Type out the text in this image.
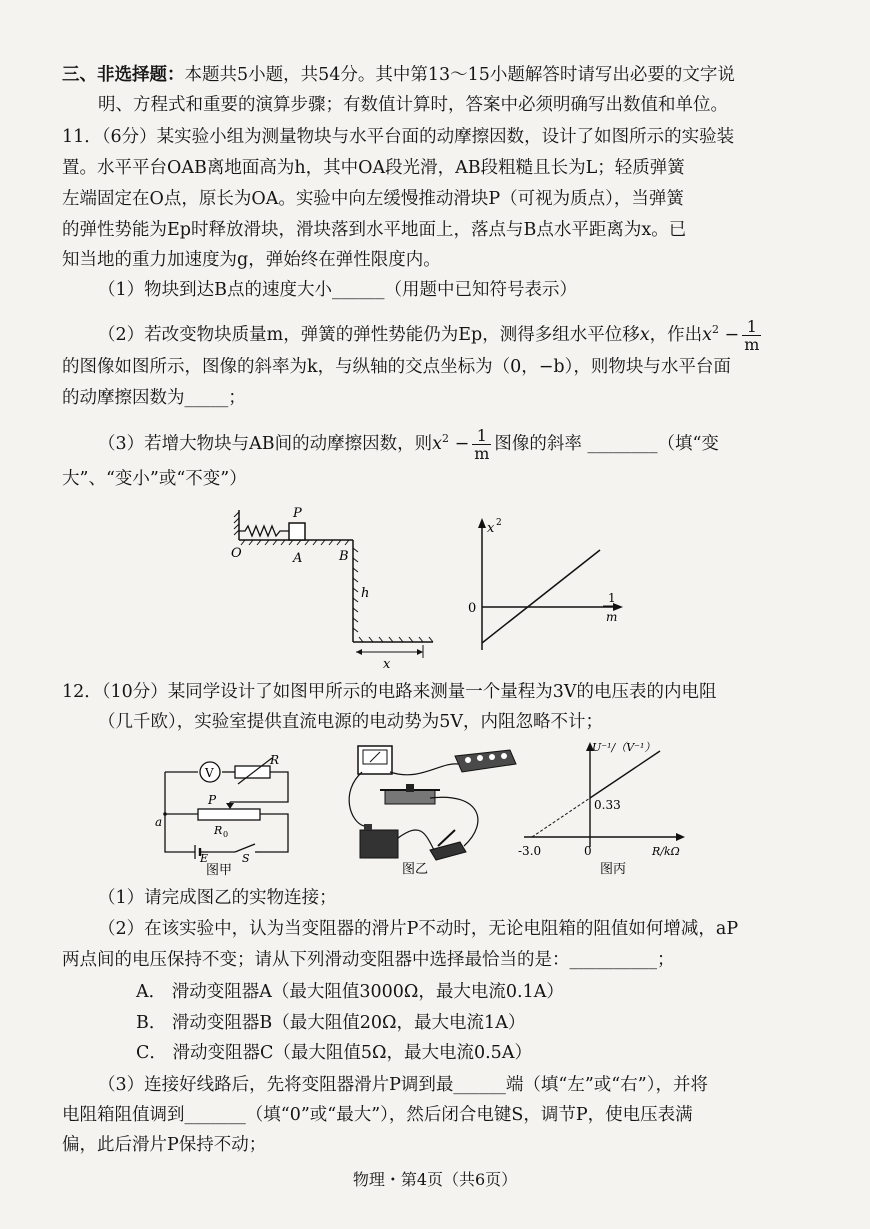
三、非选择题：本题共5小题，共54分。其中第13～15小题解答时请写出必要的文字说
明、方程式和重要的演算步骤；有数值计算时，答案中必须明确写出数值和单位。
11．（6分）某实验小组为测量物块与水平台面的动摩擦因数，设计了如图所示的实验装
置。水平平台OAB离地面高为h，其中OA段光滑，AB段粗糙且长为L；轻质弹簧
左端固定在O点，原长为OA。实验中向左缓慢推动滑块P（可视为质点），当弹簧
的弹性势能为Ep时释放滑块，滑块落到水平地面上，落点与B点水平距离为x。已
知当地的重力加速度为g，弹始终在弹性限度内。
（1）物块到达B点的速度大小______（用题中已知符号表示）
（2）若改变物块质量m，弹簧的弹性势能仍为Ep，测得多组水平位移x，作出$x^2 - \frac{1}{m}$
的图像如图所示，图像的斜率为k，与纵轴的交点坐标为（0，−b），则物块与水平台面
的动摩擦因数为_____；
（3）若增大物块与AB间的动摩擦因数，则$x^2 - \frac{1}{m}$ 图像的斜率 ________（填“变
大”、“变小”或“不变”）
P
O	A	B
h
x
x 2
0
1
m
12．（10分）某同学设计了如图甲所示的电路来测量一个量程为3V的电压表的内电阻
（几千欧），实验室提供直流电源的电动势为5V，内阻忽略不计；
V
R
P
R 0
a
E	S
图甲	图乙
U⁻¹/（V⁻¹）
0.33
-3.0	0	R/kΩ
图丙
（1）请完成图乙的实物连接；
（2）在该实验中，认为当变阻器的滑片P不动时，无论电阻箱的阻值如何增减，aP
两点间的电压保持不变；请从下列滑动变阻器中选择最恰当的是：__________；
A． 滑动变阻器A（最大阻值3000Ω，最大电流0.1A）
B． 滑动变阻器B（最大阻值20Ω，最大电流1A）
C． 滑动变阻器C（最大阻值5Ω，最大电流0.5A）
（3）连接好线路后，先将变阻器滑片P调到最______端（填“左”或“右”），并将
电阻箱阻值调到_______（填“0”或“最大”），然后闭合电键S，调节P，使电压表满
偏，此后滑片P保持不动；
物理・第4页（共6页）
